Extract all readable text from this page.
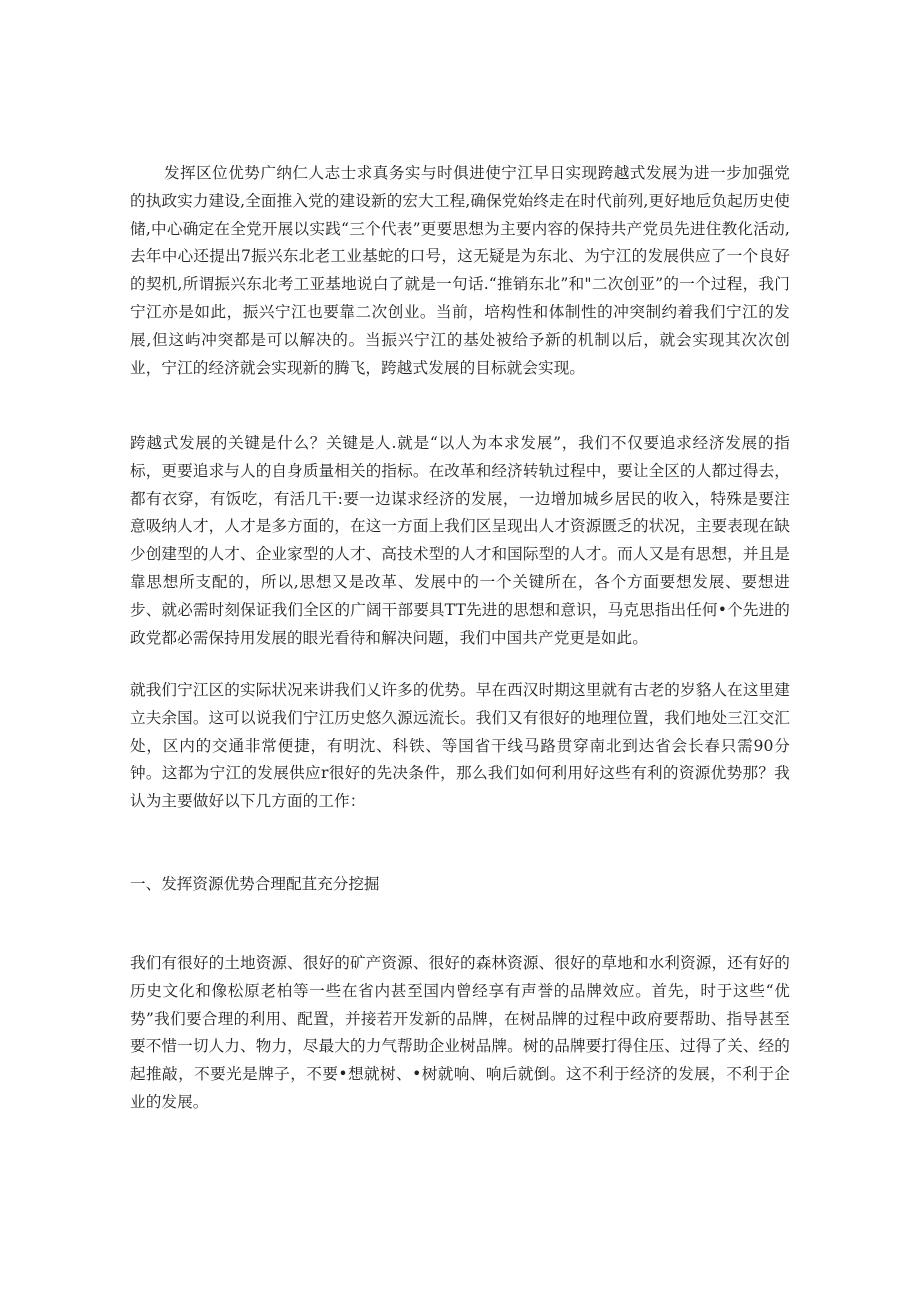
发挥区位优势广纳仁人志士求真务实与时俱进使宁江早日实现跨越式发展为进一步加强党的执政实力建设,全面推入党的建设新的宏大工程,确保党始终走在时代前列,更好地卮负起历史使储,中心确定在全党开展以实践“三个代表”更要思想为主要内容的保持共产党员先进住教化活动,去年中心还提出7振兴东北老工业基蛇的口号，这无疑是为东北、为宁江的发展供应了一个良好的契机,所谓振兴东北考工亚基地说白了就是一句话.“推销东北”和"二次创亚”的一个过程，我门宁江亦是如此，振兴宁江也要靠二次创业。当前，培构性和体制性的冲突制约着我们宁江的发展,但这屿冲突都是可以解决的。当振兴宁江的基处被给予新的机制以后，就会实现其次次创业，宁江的经济就会实现新的腾飞，跨越式发展的目标就会实现。

跨越式发展的关键是什么？关键是人.就是“以人为本求发展”，我们不仅要追求经济发展的指标，更要追求与人的自身质量相关的指标。在改革和经济转轨过程中，要让全区的人都过得去，都有衣穿，有饭吃，有活几干:要一边谋求经济的发展，一边增加城乡居民的收入，特殊是要注意吸纳人才，人才是多方面的，在这一方面上我们区呈现出人才资源匮乏的状况，主要表现在缺少创建型的人才、企业家型的人才、高技术型的人才和国际型的人才。而人又是有思想，并且是靠思想所支配的，所以,思想又是改革、发展中的一个关键所在，各个方面要想发展、要想进步、就必需时刻保证我们全区的广阔干部要具TT先进的思想和意识，马克思指出任何•个先进的政党都必需保持用发展的眼光看待和解决问题，我们中国共产党更是如此。

就我们宁江区的实际状况来讲我们乂许多的优势。早在西汉时期这里就有古老的岁貉人在这里建立夫余国。这可以说我们宁江历史悠久源远流长。我们又有很好的地理位置，我们地处三江交汇处，区内的交通非常便捷，有明沈、科铁、等国省干线马路贯穿南北到达省会长春只需90分钟。这都为宁江的发展供应r很好的先决条件，那么我们如何利用好这些有利的资源优势那？我认为主要做好以下几方面的工作：

一、发挥资源优势合理配苴充分挖掘

我们有很好的土地资源、很好的矿产资源、很好的森林资源、很好的草地和水利资源，还有好的历史文化和像松原老柏等一些在省内甚至国内曾经享有声誉的品牌效应。首先，时于这些“优势”我们要合理的利用、配置，并接若开发新的品牌，在树品牌的过程中政府要帮助、指导甚至要不惜一切人力、物力，尽最大的力气帮助企业树品牌。树的品牌要打得住压、过得了关、经的起推敲，不要光是牌子，不要•想就树、•树就响、响后就倒。这不利于经济的发展，不利于企业的发展。
